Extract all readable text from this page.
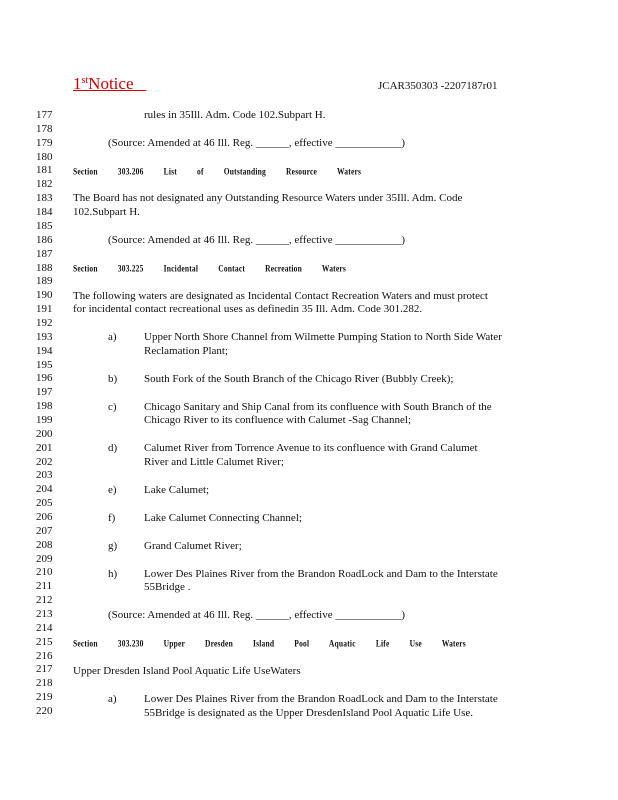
1stNotice	JCAR350303 -2207187r01
177
178
179
180
181
182
183
184
185
186
187
188
189
190
191
192
193
194
195
196
197
198
199
200
201
202
203
204
205
206
207
208
209
210
211
212
213
214
215
216
217
218
219
220
rules in 35Ill. Adm. Code 102.Subpart H.
(Source: Amended at 46 Ill. Reg. ______, effective ____________)
Section 303.206 List of Outstanding Resource Waters
The Board has not designated any Outstanding Resource Waters under 35Ill. Adm. Code
102.Subpart H.
(Source: Amended at 46 Ill. Reg. ______, effective ____________)
Section 303.225 Incidental Contact Recreation Waters
The following waters are designated as Incidental Contact Recreation Waters and must protect
for incidental contact recreational uses as definedin 35 Ill. Adm. Code 301.282.
a) Upper North Shore Channel from Wilmette Pumping Station to North Side Water
Reclamation Plant;
b) South Fork of the South Branch of the Chicago River (Bubbly Creek);
c) Chicago Sanitary and Ship Canal from its confluence with South Branch of the
Chicago River to its confluence with Calumet -Sag Channel;
d) Calumet River from Torrence Avenue to its confluence with Grand Calumet
River and Little Calumet River;
e) Lake Calumet;
f)	Lake Calumet Connecting Channel;
g) Grand Calumet River;
h) Lower Des Plaines River from the Brandon RoadLock and Dam to the Interstate
55Bridge .
(Source: Amended at 46 Ill. Reg. ______, effective ____________)
Section 303.230 Upper Dresden Island Pool Aquatic Life Use Waters
Upper Dresden Island Pool Aquatic Life UseWaters
a) Lower Des Plaines River from the Brandon RoadLock and Dam to the Interstate
55Bridge is designated as the Upper DresdenIsland Pool Aquatic Life Use.
